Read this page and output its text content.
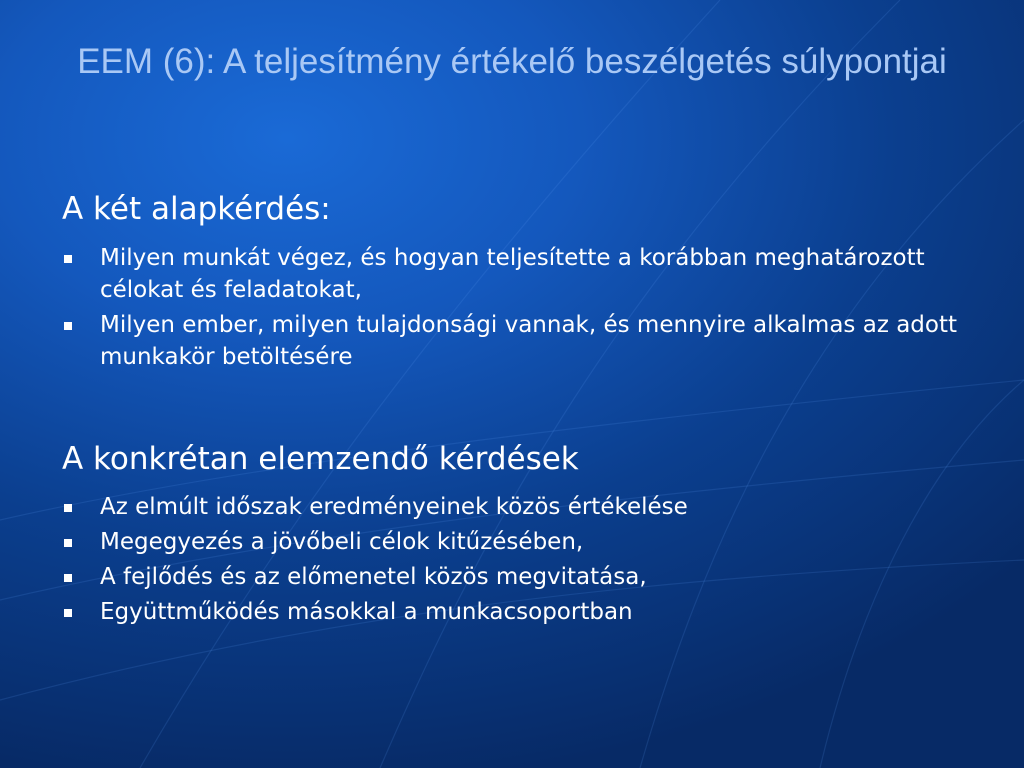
EEM (6): A teljesítmény értékelő beszélgetés súlypontjai
A két alapkérdés:
Milyen munkát végez, és hogyan teljesítette a korábban meghatározott célokat és feladatokat,
Milyen ember, milyen tulajdonsági vannak, és mennyire alkalmas az adott munkakör betöltésére
A konkrétan elemzendő kérdések
Az elmúlt időszak eredményeinek közös értékelése
Megegyezés a jövőbeli célok kitűzésében,
A fejlődés és az előmenetel közös megvitatása,
Együttműködés másokkal a munkacsoportban
